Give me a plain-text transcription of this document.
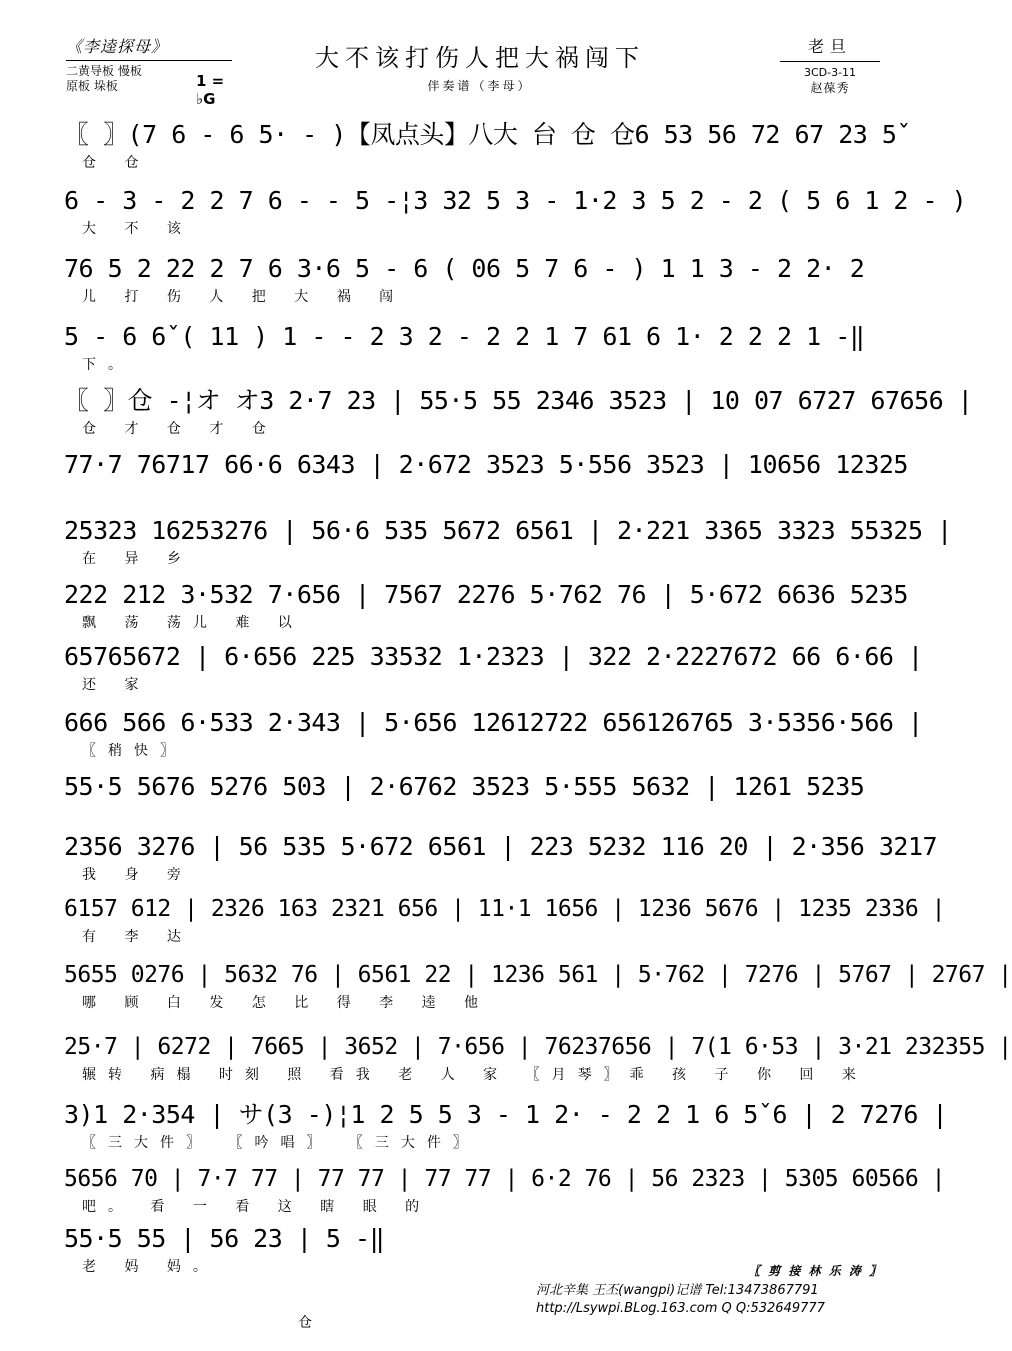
《李逵探母》
二黄导板 慢板
原板 垛板	1 = ♭G
大不该打伤人把大祸闯下
伴奏谱（李母）
老旦
3CD-3-11
赵葆秀
〖 〗(7 6 - 6 5· - )【凤点头】八大 台 仓 仓6 53 56 72 67 23 5ˇ
仓 仓
6 - 3 - 2 2 7 6 - - 5 -¦3 32 5 3 - 1·2 3 5 2 - 2 ( 5 6 1 2 - )
大 不 该
76 5 2 22 2 7 6 3·6 5 - 6 ( 06 5 7 6 - ) 1 1 3 - 2 2· 2
儿 打 伤 人 把 大 祸 闯
5 - 6 6ˇ( 11 ) 1 - - 2 3 2 - 2 2 1 7 61 6 1· 2 2 2 1 -‖
下。
〖 〗仓 -¦オ オ3 2·7 23 | 55·5 55 2346 3523 | 10 07 6727 67656 |
仓 才 仓 才 仓
77·7 76717 66·6 6343 | 2·672 3523 5·556 3523 | 10656 12325
25323 16253276 | 56·6 535 5672 6561 | 2·221 3365 3323 55325 |
在 异 乡
222 212 3·532 7·656 | 7567 2276 5·762 76 | 5·672 6636 5235
飘 荡 荡儿 难 以
65765672 | 6·656 225 33532 1·2323 | 322 2·2227672 66 6·66 |
还 家
666 566 6·533 2·343 | 5·656 12612722 656126765 3·5356·566 |
〖稍快〗
55·5 5676 5276 503 | 2·6762 3523 5·555 5632 | 1261 5235
2356 3276 | 56 535 5·672 6561 | 223 5232 116 20 | 2·356 3217
我 身 旁
6157 612 | 2326 163 2321 656 | 11·1 1656 | 1236 5676 | 1235 2336 |
有 李 达
5655 0276 | 5632 76 | 6561 22 | 1236 561 | 5·762 | 7276 | 5767 | 2767 |
哪 顾 白 发 怎 比 得 李 逵 他
25·7 | 6272 | 7665 | 3652 | 7·656 | 76237656 | 7(1 6·53 | 3·21 232355 |
辗转 病榻 时刻 照 看我 老 人 家 〖月琴〗乖 孩 子 你 回 来
3)1 2·354 | サ(3 -)¦1 2 5 5 3 - 1 2· - 2 2 1 6 5ˇ6 | 2 7276 |
〖三大件〗 〖吟唱〗 〖三大件〗
5656 70 | 7·7 77 | 77 77 | 77 77 | 6·2 76 | 56 2323 | 5305 60566 |
吧。 看 一 看 这 瞎 眼 的
55·5 55 | 56 23 | 5 -‖
老 妈 妈。
仓
〖 剪 接 林 乐 涛 〗
河北辛集 王丕(wangpi)记谱 Tel:13473867791
http://Lsywpi.BLog.163.com Q Q:532649777
